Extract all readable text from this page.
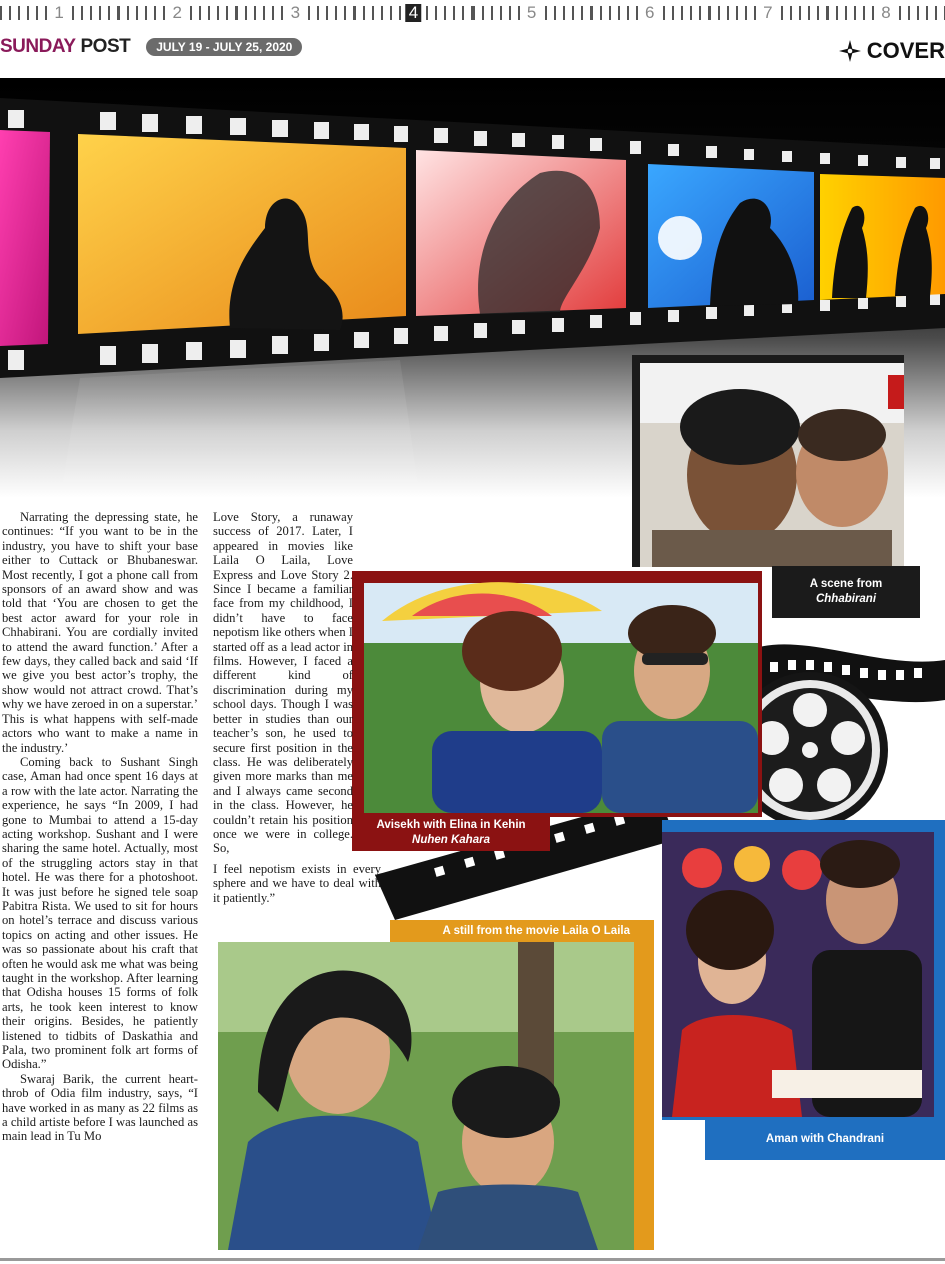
1	2	3	4	5	6	7	8
SUNDAY POST	JULY 19 - JULY 25, 2020	COVER
A scene from
Chhabirani
Avisekh with Elina in Kehin
Nuhen Kahara
Aman with Chandrani
A still from the movie Laila O Laila

Narrating the depressing state, he continues: “If you want to be in the industry, you have to shift your base either to Cuttack or Bhubaneswar. Most recently, I got a phone call from sponsors of an award show and was told that ‘You are chosen to get the best actor award for your role in Chhabirani. You are cordially invited to attend the award function.’ After a few days, they called back and said ‘If we give you best actor’s trophy, the show would not attract crowd. That’s why we have zeroed in on a superstar.’ This is what happens with self-made actors who want to make a name in the industry.’

Coming back to Sushant Singh case, Aman had once spent 16 days at a row with the late actor. Narrating the experience, he says “In 2009, I had gone to Mumbai to attend a 15-day acting workshop. Sushant and I were sharing the same hotel. Actually, most of the struggling actors stay in that hotel. He was there for a photoshoot. It was just before he signed tele soap Pabitra Rista. We used to sit for hours on hotel’s terrace and discuss various topics on acting and other issues. He was so passionate about his craft that often he would ask me what was being taught in the workshop. After learning that Odisha houses 15 forms of folk arts, he took keen interest to know their origins. Besides, he patiently listened to tidbits of Daskathia and Pala, two prominent folk art forms of Odisha.”

Swaraj Barik, the current heart-throb of Odia film industry, says, “I have worked in as many as 22 films as a child artiste before I was launched as main lead in Tu Mo

Love Story, a runaway success of 2017. Later, I appeared in movies like Laila O Laila, Love Express and Love Story 2. Since I became a familiar face from my childhood, I didn’t have to face nepotism like others when I started off as a lead actor in films. However, I faced a different kind of discrimination during my school days. Though I was better in studies than our teacher’s son, he used to secure first position in the class. He was deliberately given more marks than me and I always came second in the class. However, he couldn’t retain his position once we were in college. So,

I feel nepotism exists in every sphere and we have to deal with it patiently.”
